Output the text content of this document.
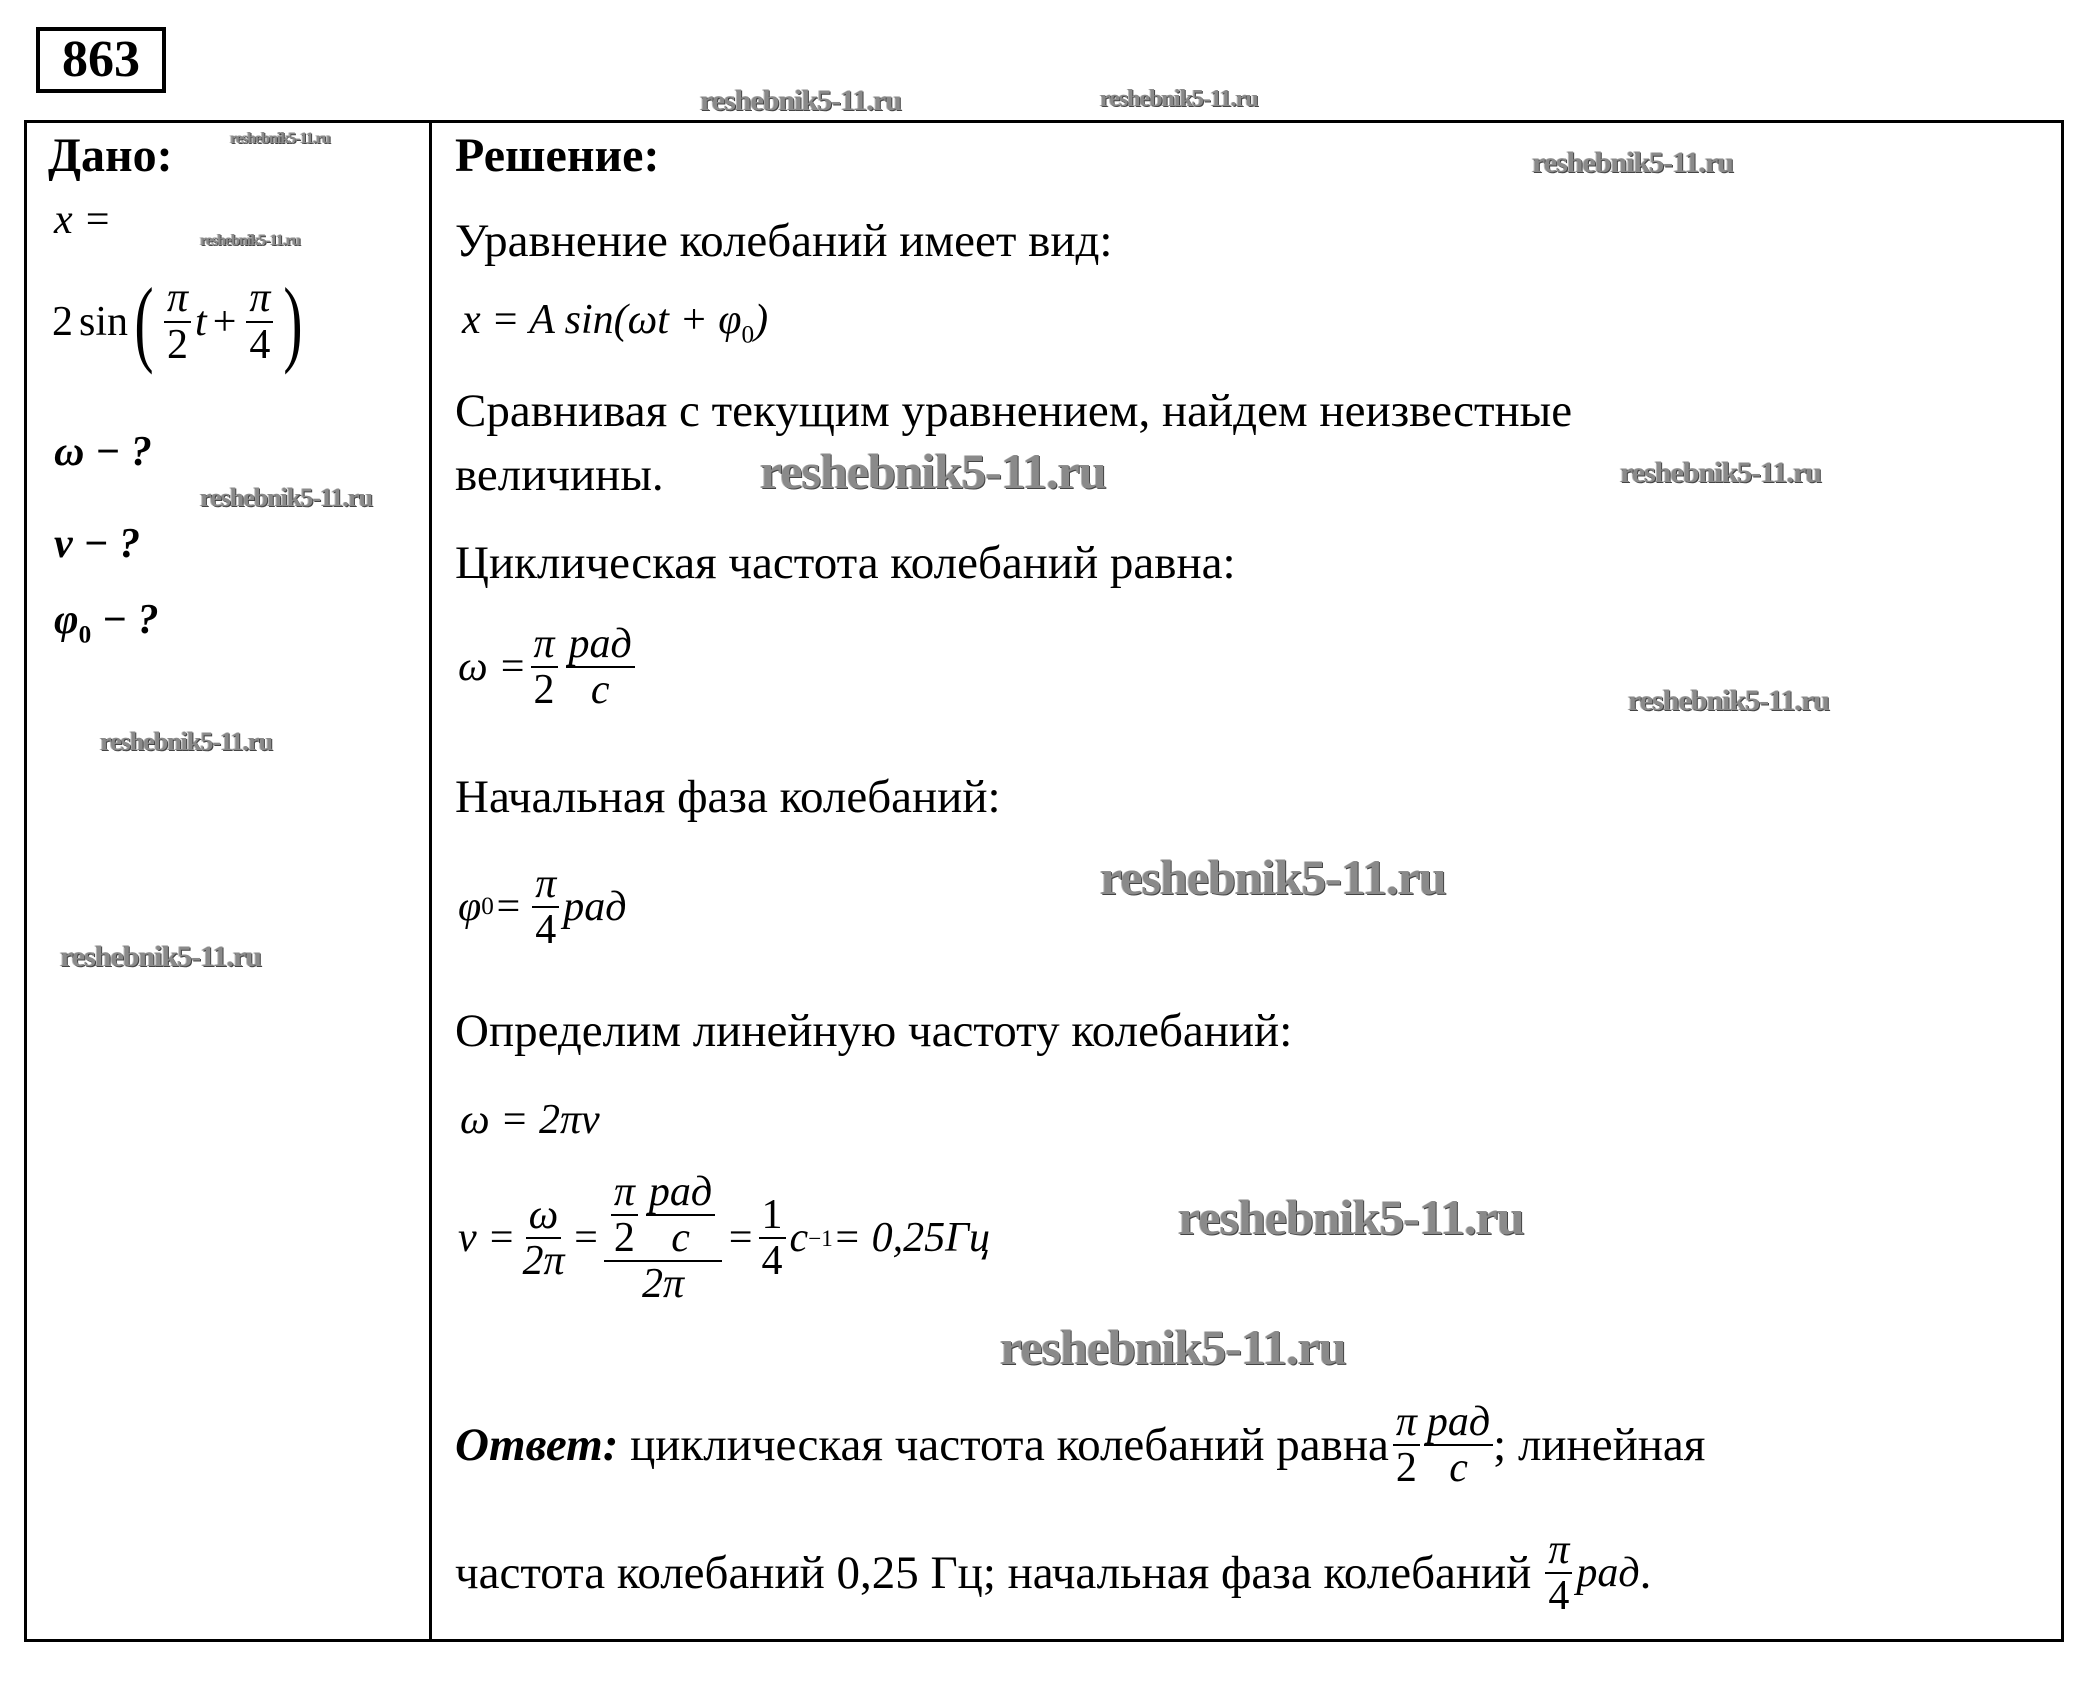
863
Дано:
x =
2 sin ( $\frac{\pi}{2}$ $t + \frac{\pi}{4}$ )
ω − ?
ν − ?
$\varphi_0$ − ?
Решение:
Уравнение колебаний имеет вид:
x = A $\sin(\omega t + \varphi_0)$
Сравнивая с текущим уравнением, найдем неизвестные
величины.
Циклическая частота колебаний равна:
$\omega = \frac{\pi}{2} \frac{\text{рад}}{с}$
Начальная фаза колебаний:
φ $0 = \frac{\pi}{4}$ рад
Определим линейную частоту колебаний:
ω = 2πν
$\nu = \frac{\omega}{2\pi} = \frac{\frac{\pi}{2} \frac{\text{рад}}{с}}{2\pi} = \frac{1}{4}$ c −1 = 0,25Гц
Ответ: циклическая частота колебаний равна $\frac{\pi}{2} \frac{\text{рад}}{с}$ ; линейная
частота колебаний 0,25 Гц; начальная фаза колебаний $\frac{\pi}{4}$ рад .
reshebnik5-11.ru
reshebnik5-11.ru
reshebnik5-11.ru
reshebnik5-11.ru
reshebnik5-11.ru
reshebnik5-11.ru
reshebnik5-11.ru
reshebnik5-11.ru
reshebnik5-11.ru
reshebnik5-11.ru
reshebnik5-11.ru
reshebnik5-11.ru
reshebnik5-11.ru
reshebnik5-11.ru
